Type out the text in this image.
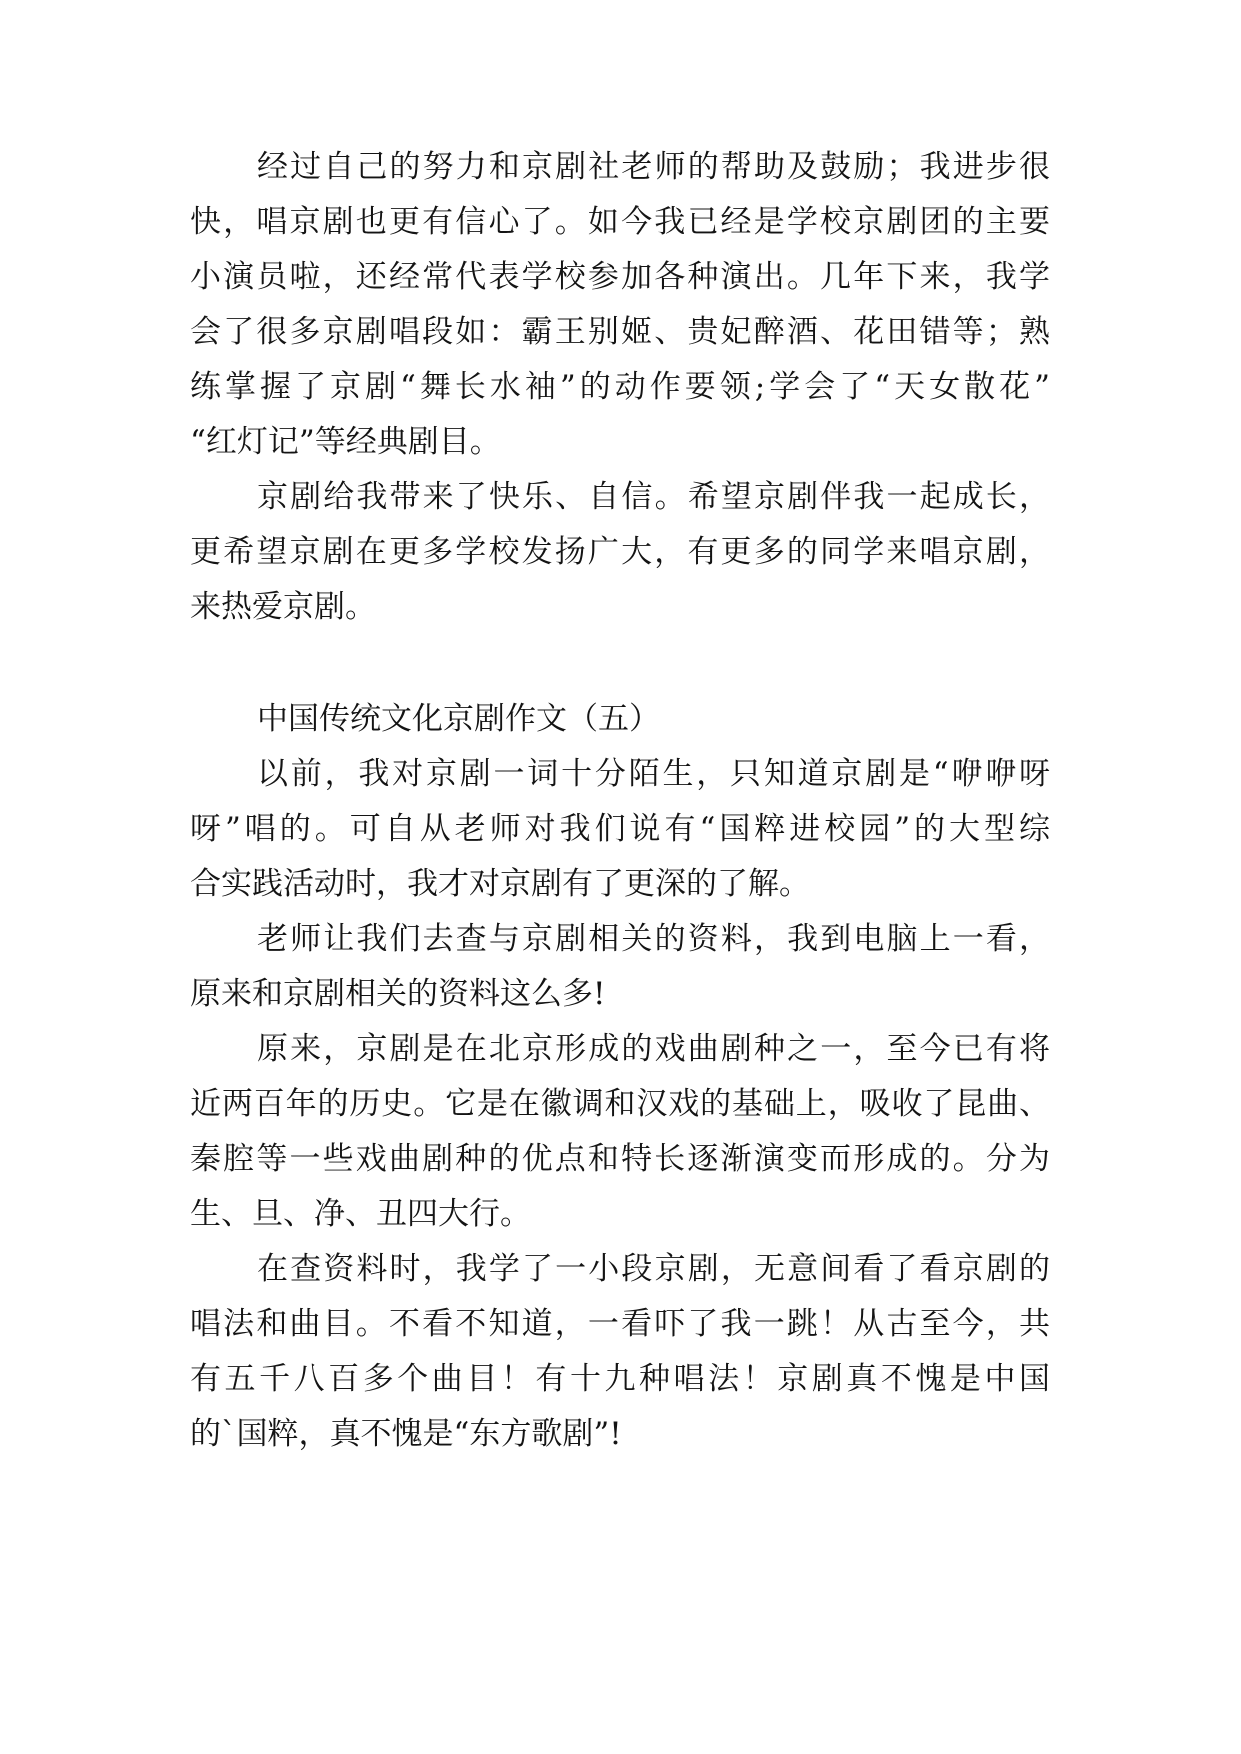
经过自己的努力和京剧社老师的帮助及鼓励；我进步很

快，唱京剧也更有信心了。如今我已经是学校京剧团的主要

小演员啦，还经常代表学校参加各种演出。几年下来，我学

会了很多京剧唱段如：霸王别姬、贵妃醉酒、花田错等；熟

练掌握了京剧“舞长水袖”的动作要领;学会了“天女散花”

“红灯记”等经典剧目。

京剧给我带来了快乐、自信。希望京剧伴我一起成长，

更希望京剧在更多学校发扬广大，有更多的同学来唱京剧，

来热爱京剧。

中国传统文化京剧作文（五）

以前，我对京剧一词十分陌生，只知道京剧是“咿咿呀

呀”唱的。可自从老师对我们说有“国粹进校园”的大型综

合实践活动时，我才对京剧有了更深的了解。

老师让我们去查与京剧相关的资料，我到电脑上一看，

原来和京剧相关的资料这么多!

原来，京剧是在北京形成的戏曲剧种之一，至今已有将

近两百年的历史。它是在徽调和汉戏的基础上，吸收了昆曲、

秦腔等一些戏曲剧种的优点和特长逐渐演变而形成的。分为

生、旦、净、丑四大行。

在查资料时，我学了一小段京剧，无意间看了看京剧的

唱法和曲目。不看不知道，一看吓了我一跳！从古至今，共

有五千八百多个曲目！有十九种唱法！京剧真不愧是中国

的`国粹，真不愧是“东方歌剧”!
